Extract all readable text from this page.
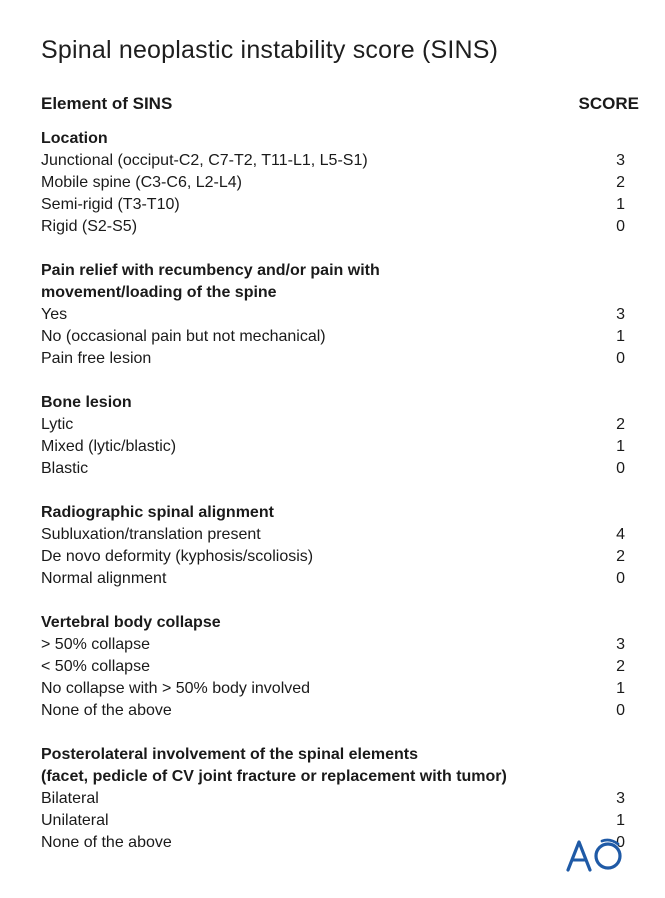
Spinal neoplastic instability score (SINS)
Element of SINS	SCORE
Location
Junctional (occiput-C2, C7-T2, T11-L1, L5-S1)	3
Mobile spine (C3-C6, L2-L4)	2
Semi-rigid (T3-T10)	1
Rigid (S2-S5)	0
Pain relief with recumbency and/or pain with
movement/loading of the spine
Yes	3
No (occasional pain but not mechanical)	1
Pain free lesion	0
Bone lesion
Lytic	2
Mixed (lytic/blastic)	1
Blastic	0
Radiographic spinal alignment
Subluxation/translation present	4
De novo deformity (kyphosis/scoliosis)	2
Normal alignment	0
Vertebral body collapse
> 50% collapse	3
< 50% collapse	2
No collapse with > 50% body involved	1
None of the above	0
Posterolateral involvement of the spinal elements
(facet, pedicle of CV joint fracture or replacement with tumor)
Bilateral	3
Unilateral	1
None of the above	0
